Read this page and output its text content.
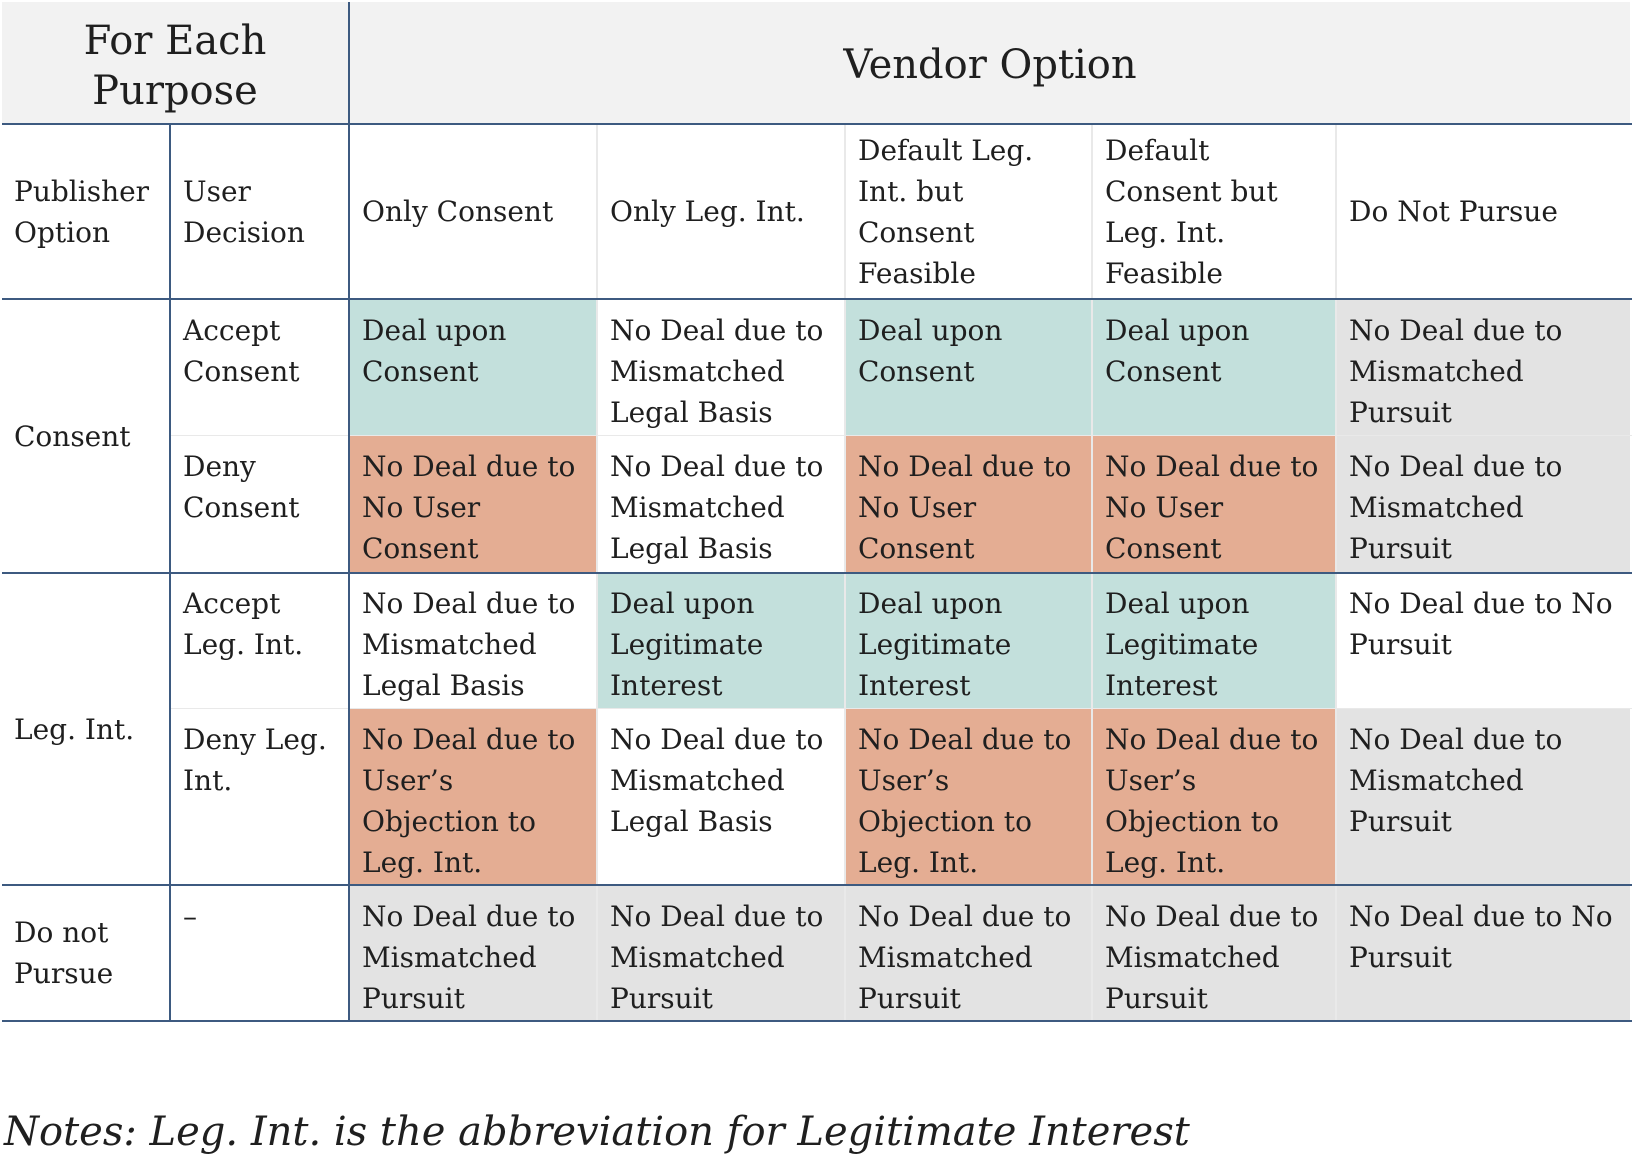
For Each Purpose
Vendor Option
Publisher Option
User Decision
Only Consent	Only Leg. Int.
Default Leg. Int. but Consent Feasible
Default Consent but Leg. Int. Feasible
Do Not Pursue
Consent
Leg. Int.
Do not Pursue
Accept Consent
Deny Consent
Accept Leg. Int.
Deny Leg. Int.
–
Deal upon Consent
No Deal due to Mismatched Legal Basis
Deal upon Consent
Deal upon Consent
No Deal due to Mismatched Pursuit
No Deal due to No User Consent
No Deal due to Mismatched Legal Basis
No Deal due to No User Consent
No Deal due to No User Consent
No Deal due to Mismatched Pursuit
No Deal due to Mismatched Legal Basis
Deal upon Legitimate Interest
Deal upon Legitimate Interest
Deal upon Legitimate Interest
No Deal due to No Pursuit
No Deal due to User’s Objection to Leg. Int.
No Deal due to Mismatched Legal Basis
No Deal due to User’s Objection to Leg. Int.
No Deal due to User’s Objection to Leg. Int.
No Deal due to Mismatched Pursuit
No Deal due to Mismatched Pursuit
No Deal due to Mismatched Pursuit
No Deal due to Mismatched Pursuit
No Deal due to Mismatched Pursuit
No Deal due to No Pursuit
Notes: Leg. Int. is the abbreviation for Legitimate Interest
